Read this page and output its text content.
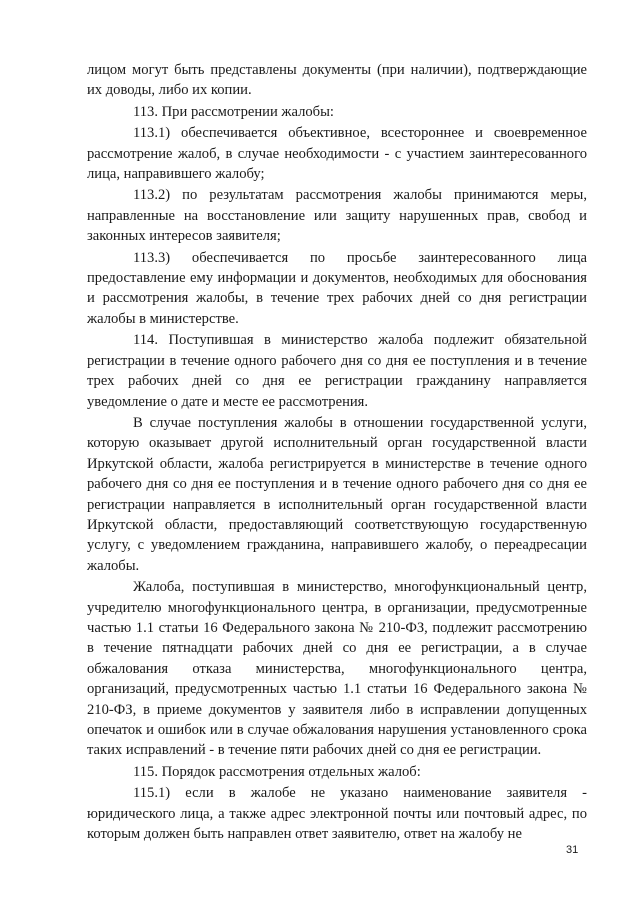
лицом могут быть представлены документы (при наличии), подтверждающие их доводы, либо их копии.

113. При рассмотрении жалобы:

113.1) обеспечивается объективное, всестороннее и своевременное рассмотрение жалоб, в случае необходимости - с участием заинтересованного лица, направившего жалобу;

113.2) по результатам рассмотрения жалобы принимаются меры, направленные на восстановление или защиту нарушенных прав, свобод и законных интересов заявителя;

113.3) обеспечивается по просьбе заинтересованного лица предоставление ему информации и документов, необходимых для обоснования и рассмотрения жалобы, в течение трех рабочих дней со дня регистрации жалобы в министерстве.

114. Поступившая в министерство жалоба подлежит обязательной регистрации в течение одного рабочего дня со дня ее поступления и в течение трех рабочих дней со дня ее регистрации гражданину направляется уведомление о дате и месте ее рассмотрения.

В случае поступления жалобы в отношении государственной услуги, которую оказывает другой исполнительный орган государственной власти Иркутской области, жалоба регистрируется в министерстве в течение одного рабочего дня со дня ее поступления и в течение одного рабочего дня со дня ее регистрации направляется в исполнительный орган государственной власти Иркутской области, предоставляющий соответствующую государственную услугу, с уведомлением гражданина, направившего жалобу, о переадресации жалобы.

Жалоба, поступившая в министерство, многофункциональный центр, учредителю многофункционального центра, в организации, предусмотренные частью 1.1 статьи 16 Федерального закона № 210-ФЗ, подлежит рассмотрению в течение пятнадцати рабочих дней со дня ее регистрации, а в случае обжалования отказа министерства, многофункционального центра, организаций, предусмотренных частью 1.1 статьи 16 Федерального закона № 210-ФЗ, в приеме документов у заявителя либо в исправлении допущенных опечаток и ошибок или в случае обжалования нарушения установленного срока таких исправлений - в течение пяти рабочих дней со дня ее регистрации.

115. Порядок рассмотрения отдельных жалоб:

115.1) если в жалобе не указано наименование заявителя - юридического лица, а также адрес электронной почты или почтовый адрес, по которым должен быть направлен ответ заявителю, ответ на жалобу не

31
